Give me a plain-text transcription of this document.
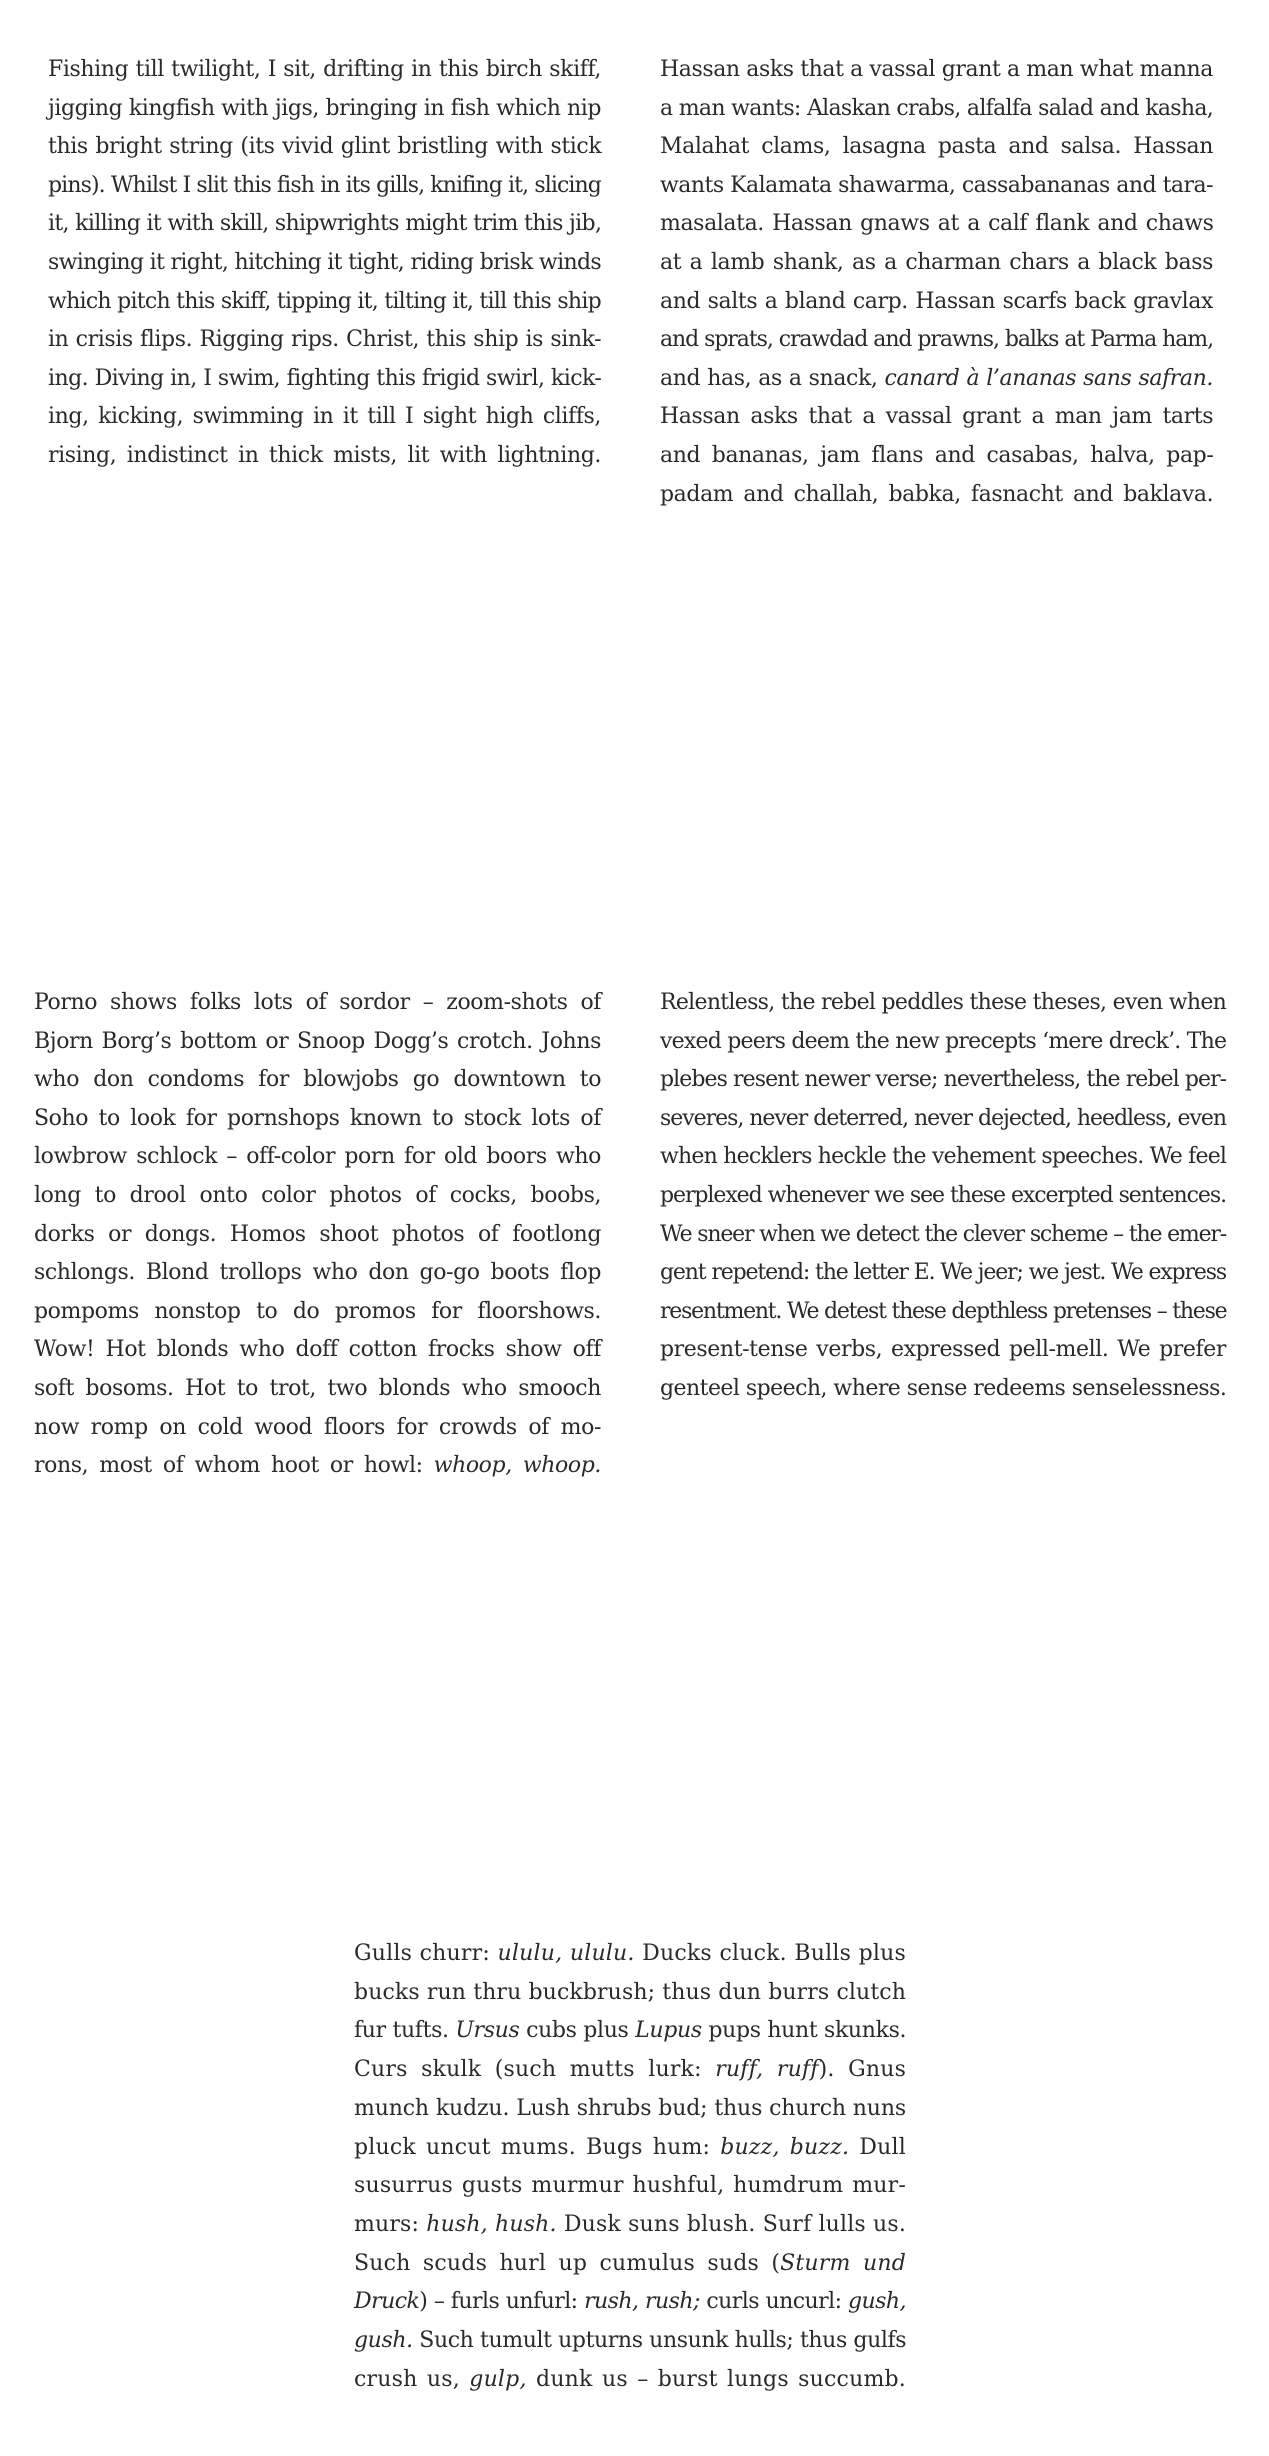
Fishing till twilight, I sit, drifting in this birch skiff,
jigging kingfish with jigs, bringing in fish which nip
this bright string (its vivid glint bristling with stick
pins). Whilst I slit this fish in its gills, knifing it, slicing
it, killing it with skill, shipwrights might trim this jib,
swinging it right, hitching it tight, riding brisk winds
which pitch this skiff, tipping it, tilting it, till this ship
in crisis flips. Rigging rips. Christ, this ship is sink-
ing. Diving in, I swim, fighting this frigid swirl, kick-
ing, kicking, swimming in it till I sight high cliffs,
rising, indistinct in thick mists, lit with lightning.
Hassan asks that a vassal grant a man what manna
a man wants: Alaskan crabs, alfalfa salad and kasha,
Malahat clams, lasagna pasta and salsa. Hassan
wants Kalamata shawarma, cassabananas and tara-
masalata. Hassan gnaws at a calf flank and chaws
at a lamb shank, as a charman chars a black bass
and salts a bland carp. Hassan scarfs back gravlax
and sprats, crawdad and prawns, balks at Parma ham,
and has, as a snack, canard à l’ananas sans safran.
Hassan asks that a vassal grant a man jam tarts
and bananas, jam flans and casabas, halva, pap-
padam and challah, babka, fasnacht and baklava.
Porno shows folks lots of sordor – zoom-shots of
Bjorn Borg’s bottom or Snoop Dogg’s crotch. Johns
who don condoms for blowjobs go downtown to
Soho to look for pornshops known to stock lots of
lowbrow schlock – off-color porn for old boors who
long to drool onto color photos of cocks, boobs,
dorks or dongs. Homos shoot photos of footlong
schlongs. Blond trollops who don go-go boots flop
pompoms nonstop to do promos for floorshows.
Wow! Hot blonds who doff cotton frocks show off
soft bosoms. Hot to trot, two blonds who smooch
now romp on cold wood floors for crowds of mo-
rons, most of whom hoot or howl: whoop, whoop.
Relentless, the rebel peddles these theses, even when
vexed peers deem the new precepts ‘mere dreck’. The
plebes resent newer verse; nevertheless, the rebel per-
severes, never deterred, never dejected, heedless, even
when hecklers heckle the vehement speeches. We feel
perplexed whenever we see these excerpted sentences.
We sneer when we detect the clever scheme – the emer-
gent repetend: the letter E. We jeer; we jest. We express
resentment. We detest these depthless pretenses – these
present-tense verbs, expressed pell-mell. We prefer
genteel speech, where sense redeems senselessness.
Gulls churr: ululu, ululu. Ducks cluck. Bulls plus
bucks run thru buckbrush; thus dun burrs clutch
fur tufts. Ursus cubs plus Lupus pups hunt skunks.
Curs skulk (such mutts lurk: ruff, ruff). Gnus
munch kudzu. Lush shrubs bud; thus church nuns
pluck uncut mums. Bugs hum: buzz, buzz. Dull
susurrus gusts murmur hushful, humdrum mur-
murs: hush, hush. Dusk suns blush. Surf lulls us.
Such scuds hurl up cumulus suds (Sturm und
Druck) – furls unfurl: rush, rush; curls uncurl: gush,
gush. Such tumult upturns unsunk hulls; thus gulfs
crush us, gulp, dunk us – burst lungs succumb.
